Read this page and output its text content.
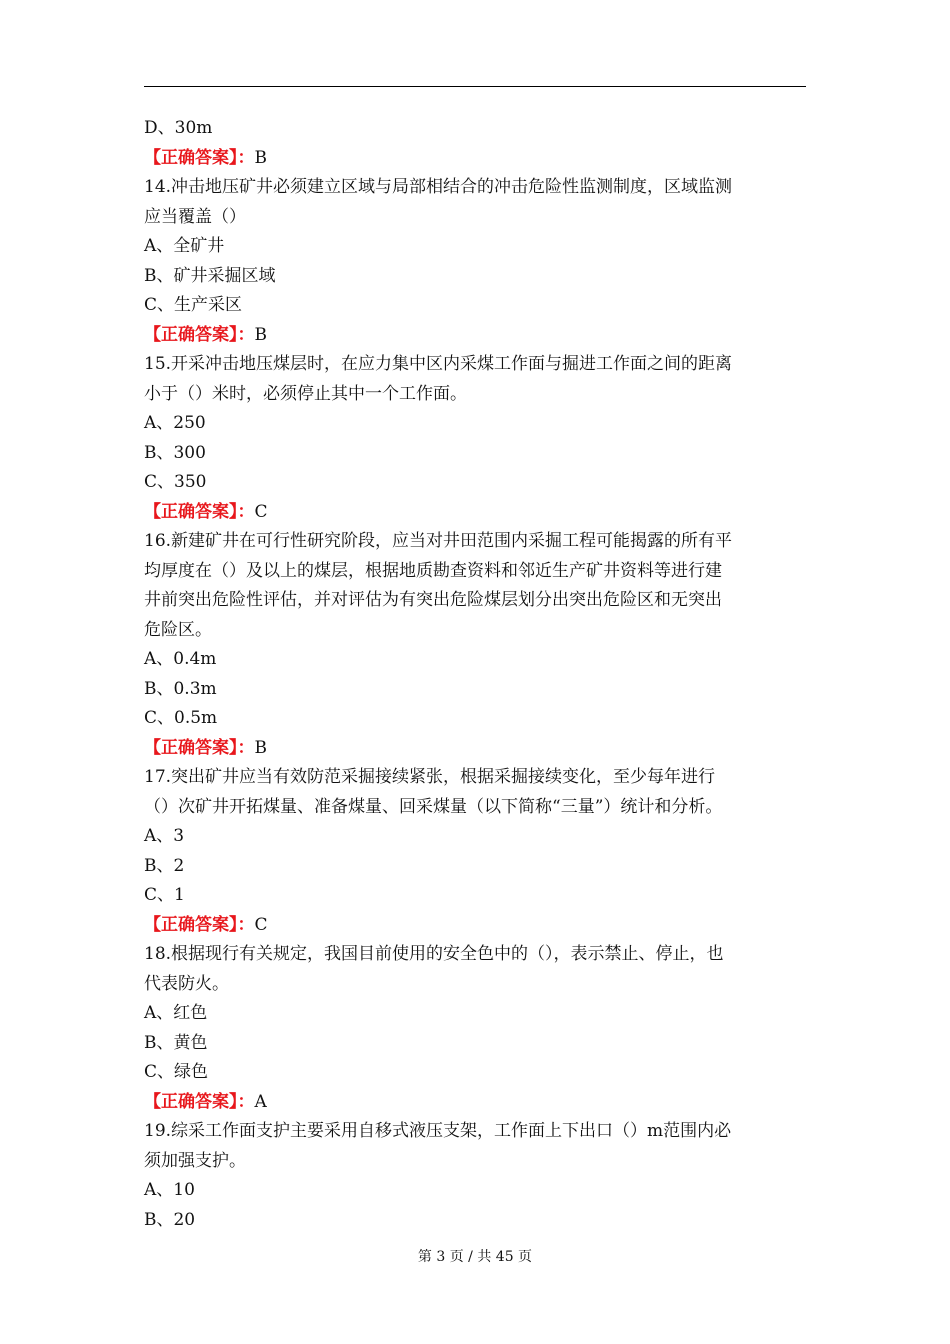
D、30m
【正确答案】：B
14.冲击地压矿井必须建立区域与局部相结合的冲击危险性监测制度，区域监测
应当覆盖（）
A、全矿井
B、矿井采掘区域
C、生产采区
【正确答案】：B
15.开采冲击地压煤层时，在应力集中区内采煤工作面与掘进工作面之间的距离
小于（）米时，必须停止其中一个工作面。
A、250
B、300
C、350
【正确答案】：C
16.新建矿井在可行性研究阶段，应当对井田范围内采掘工程可能揭露的所有平
均厚度在（）及以上的煤层，根据地质勘查资料和邻近生产矿井资料等进行建
井前突出危险性评估，并对评估为有突出危险煤层划分出突出危险区和无突出
危险区。
A、0.4m
B、0.3m
C、0.5m
【正确答案】：B
17.突出矿井应当有效防范采掘接续紧张，根据采掘接续变化，至少每年进行
（）次矿井开拓煤量、准备煤量、回采煤量（以下简称“三量”）统计和分析。
A、3
B、2
C、1
【正确答案】：C
18.根据现行有关规定，我国目前使用的安全色中的（），表示禁止、停止，也
代表防火。
A、红色
B、黄色
C、绿色
【正确答案】：A
19.综采工作面支护主要采用自移式液压支架，工作面上下出口（）m范围内必
须加强支护。
A、10
B、20
第 3 页 / 共 45 页
